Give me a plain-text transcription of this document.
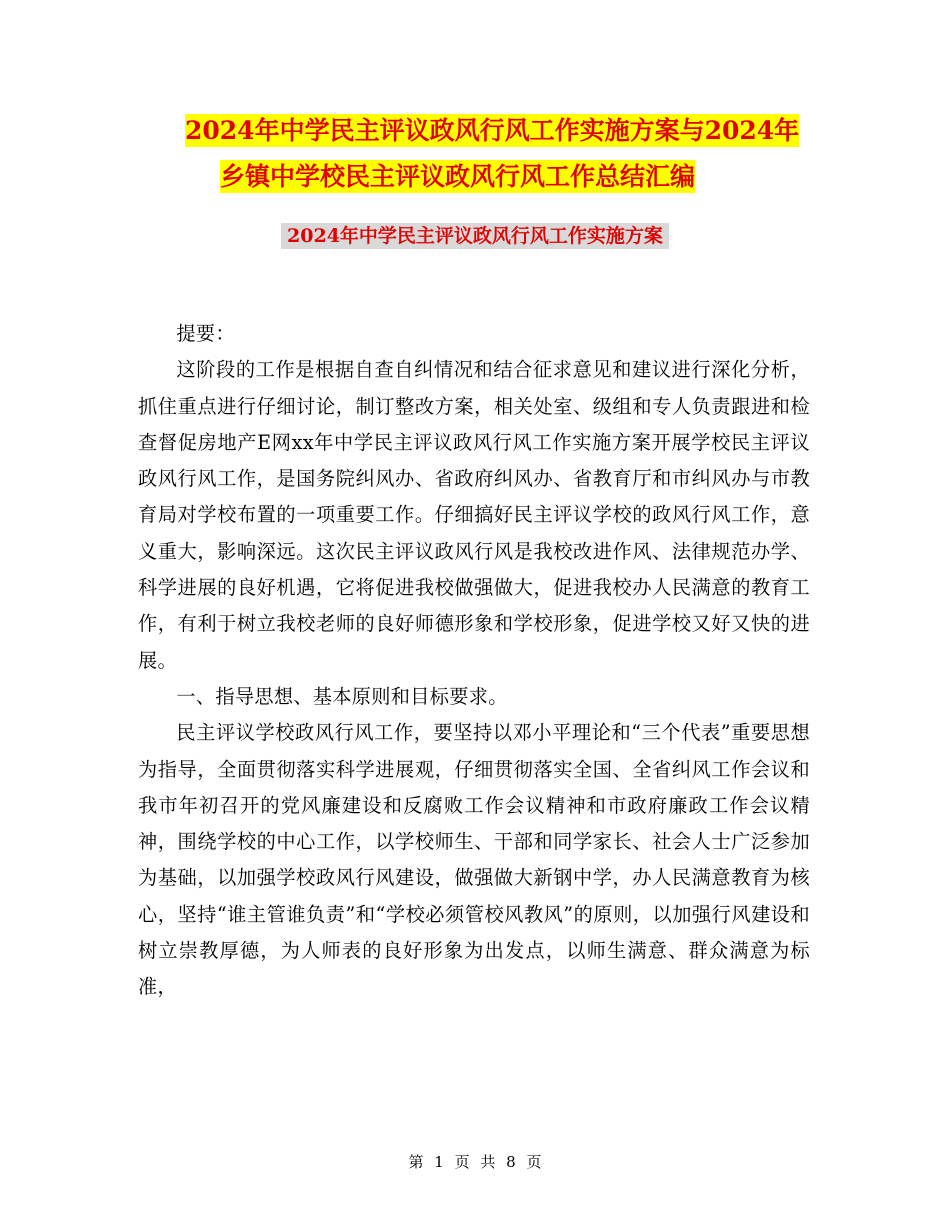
2024年中学民主评议政风行风工作实施方案与2024年
乡镇中学校民主评议政风行风工作总结汇编
2024年中学民主评议政风行风工作实施方案

提要：

这阶段的工作是根据自查自纠情况和结合征求意见和建议进行深化分析，抓住重点进行仔细讨论，制订整改方案，相关处室、级组和专人负责跟进和检查督促房地产E网xx年中学民主评议政风行风工作实施方案开展学校民主评议政风行风工作，是国务院纠风办、省政府纠风办、省教育厅和市纠风办与市教育局对学校布置的一项重要工作。仔细搞好民主评议学校的政风行风工作，意义重大，影响深远。这次民主评议政风行风是我校改进作风、法律规范办学、科学进展的良好机遇，它将促进我校做强做大，促进我校办人民满意的教育工作，有利于树立我校老师的良好师德形象和学校形象，促进学校又好又快的进展。

一、指导思想、基本原则和目标要求。

民主评议学校政风行风工作，要坚持以邓小平理论和“三个代表”重要思想为指导，全面贯彻落实科学进展观，仔细贯彻落实全国、全省纠风工作会议和我市年初召开的党风廉建设和反腐败工作会议精神和市政府廉政工作会议精神，围绕学校的中心工作，以学校师生、干部和同学家长、社会人士广泛参加为基础，以加强学校政风行风建设，做强做大新钢中学，办人民满意教育为核心，坚持“谁主管谁负责”和“学校必须管校风教风”的原则，以加强行风建设和树立崇教厚德，为人师表的良好形象为出发点，以师生满意、群众满意为标准，

第 1 页 共 8 页
